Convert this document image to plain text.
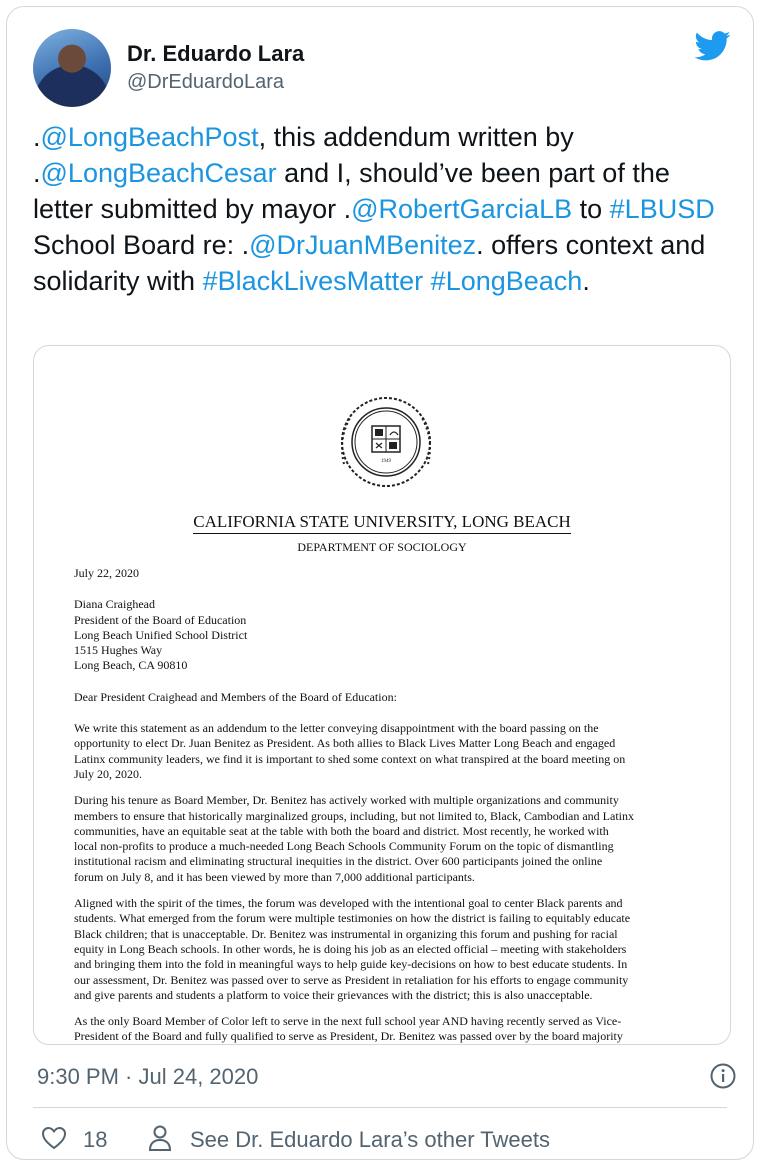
Dr. Eduardo Lara
@DrEduardoLara
.@LongBeachPost, this addendum written by .@LongBeachCesar and I, should’ve been part of the letter submitted by mayor .@RobertGarciaLB to #LBUSD School Board re: .@DrJuanMBenitez. offers context and solidarity with #BlackLivesMatter #LongBeach.
1949
CALIFORNIA STATE UNIVERSITY, LONG BEACH
DEPARTMENT OF SOCIOLOGY

July 22, 2020

Diana Craighead
President of the Board of Education
Long Beach Unified School District
1515 Hughes Way
Long Beach, CA 90810

Dear President Craighead and Members of the Board of Education:

We write this statement as an addendum to the letter conveying disappointment with the board passing on the
opportunity to elect Dr. Juan Benitez as President. As both allies to Black Lives Matter Long Beach and engaged
Latinx community leaders, we find it is important to shed some context on what transpired at the board meeting on
July 20, 2020.

During his tenure as Board Member, Dr. Benitez has actively worked with multiple organizations and community
members to ensure that historically marginalized groups, including, but not limited to, Black, Cambodian and Latinx
communities, have an equitable seat at the table with both the board and district. Most recently, he worked with
local non-profits to produce a much-needed Long Beach Schools Community Forum on the topic of dismantling
institutional racism and eliminating structural inequities in the district. Over 600 participants joined the online
forum on July 8, and it has been viewed by more than 7,000 additional participants.

Aligned with the spirit of the times, the forum was developed with the intentional goal to center Black parents and
students. What emerged from the forum were multiple testimonies on how the district is failing to equitably educate
Black children; that is unacceptable. Dr. Benitez was instrumental in organizing this forum and pushing for racial
equity in Long Beach schools. In other words, he is doing his job as an elected official – meeting with stakeholders
and bringing them into the fold in meaningful ways to help guide key-decisions on how to best educate students. In
our assessment, Dr. Benitez was passed over to serve as President in retaliation for his efforts to engage community
and give parents and students a platform to voice their grievances with the district; this is also unacceptable.

As the only Board Member of Color left to serve in the next full school year AND having recently served as Vice-
President of the Board and fully qualified to serve as President, Dr. Benitez was passed over by the board majority

9:30 PM · Jul 24, 2020
18	See Dr. Eduardo Lara’s other Tweets
